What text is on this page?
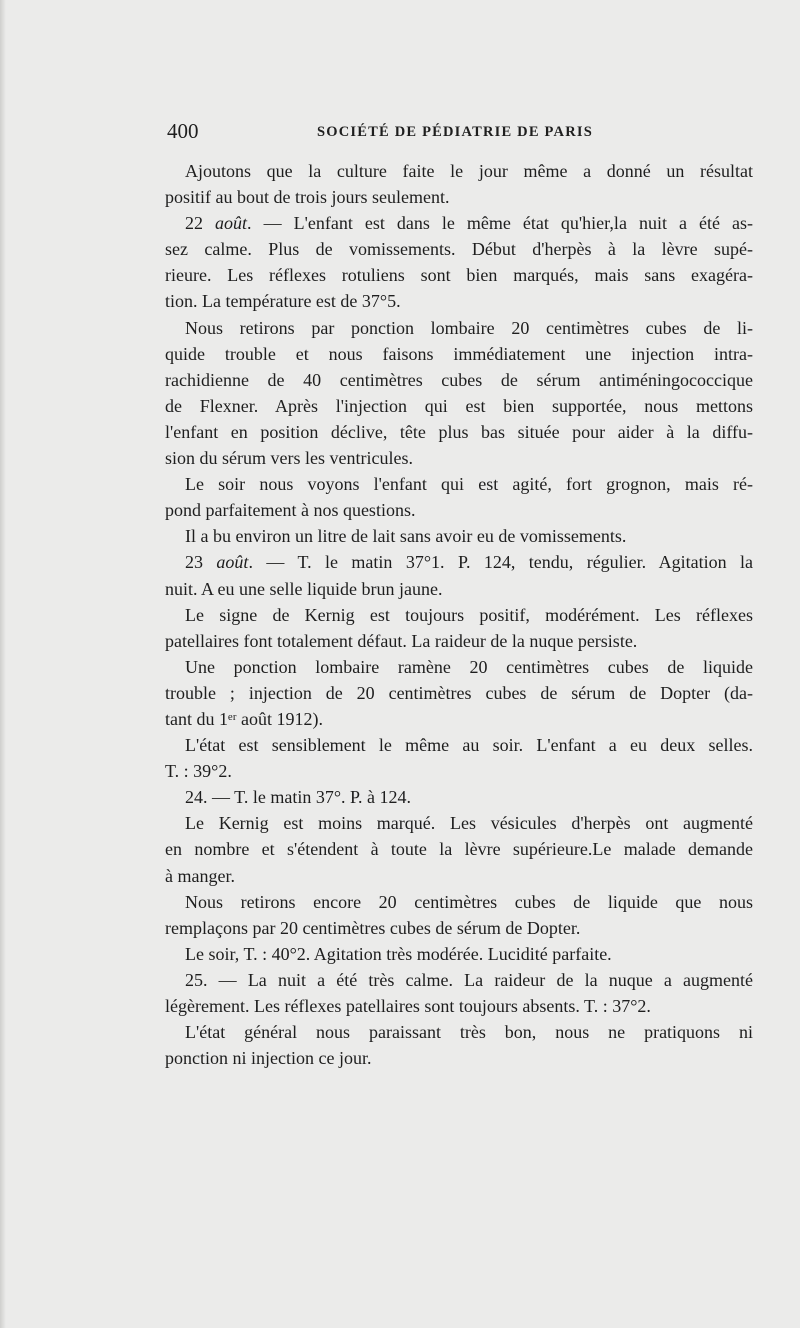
400	SOCIÉTÉ DE PÉDIATRIE DE PARIS
Ajoutons que la culture faite le jour même a donné un résultat
positif au bout de trois jours seulement.
22 août. — L'enfant est dans le même état qu'hier,la nuit a été as-
sez calme. Plus de vomissements. Début d'herpès à la lèvre supé-
rieure. Les réflexes rotuliens sont bien marqués, mais sans exagéra-
tion. La température est de 37°5.
Nous retirons par ponction lombaire 20 centimètres cubes de li-
quide trouble et nous faisons immédiatement une injection intra-
rachidienne de 40 centimètres cubes de sérum antiméningococcique
de Flexner. Après l'injection qui est bien supportée, nous mettons
l'enfant en position déclive, tête plus bas située pour aider à la diffu-
sion du sérum vers les ventricules.
Le soir nous voyons l'enfant qui est agité, fort grognon, mais ré-
pond parfaitement à nos questions.
Il a bu environ un litre de lait sans avoir eu de vomissements.
23 août. — T. le matin 37°1. P. 124, tendu, régulier. Agitation la
nuit. A eu une selle liquide brun jaune.
Le signe de Kernig est toujours positif, modérément. Les réflexes
patellaires font totalement défaut. La raideur de la nuque persiste.
Une ponction lombaire ramène 20 centimètres cubes de liquide
trouble ; injection de 20 centimètres cubes de sérum de Dopter (da-
tant du 1ᵉʳ août 1912).
L'état est sensiblement le même au soir. L'enfant a eu deux selles.
T. : 39°2.
24. — T. le matin 37°. P. à 124.
Le Kernig est moins marqué. Les vésicules d'herpès ont augmenté
en nombre et s'étendent à toute la lèvre supérieure.Le malade demande
à manger.
Nous retirons encore 20 centimètres cubes de liquide que nous
remplaçons par 20 centimètres cubes de sérum de Dopter.
Le soir, T. : 40°2. Agitation très modérée. Lucidité parfaite.
25. — La nuit a été très calme. La raideur de la nuque a augmenté
légèrement. Les réflexes patellaires sont toujours absents. T. : 37°2.
L'état général nous paraissant très bon, nous ne pratiquons ni
ponction ni injection ce jour.
